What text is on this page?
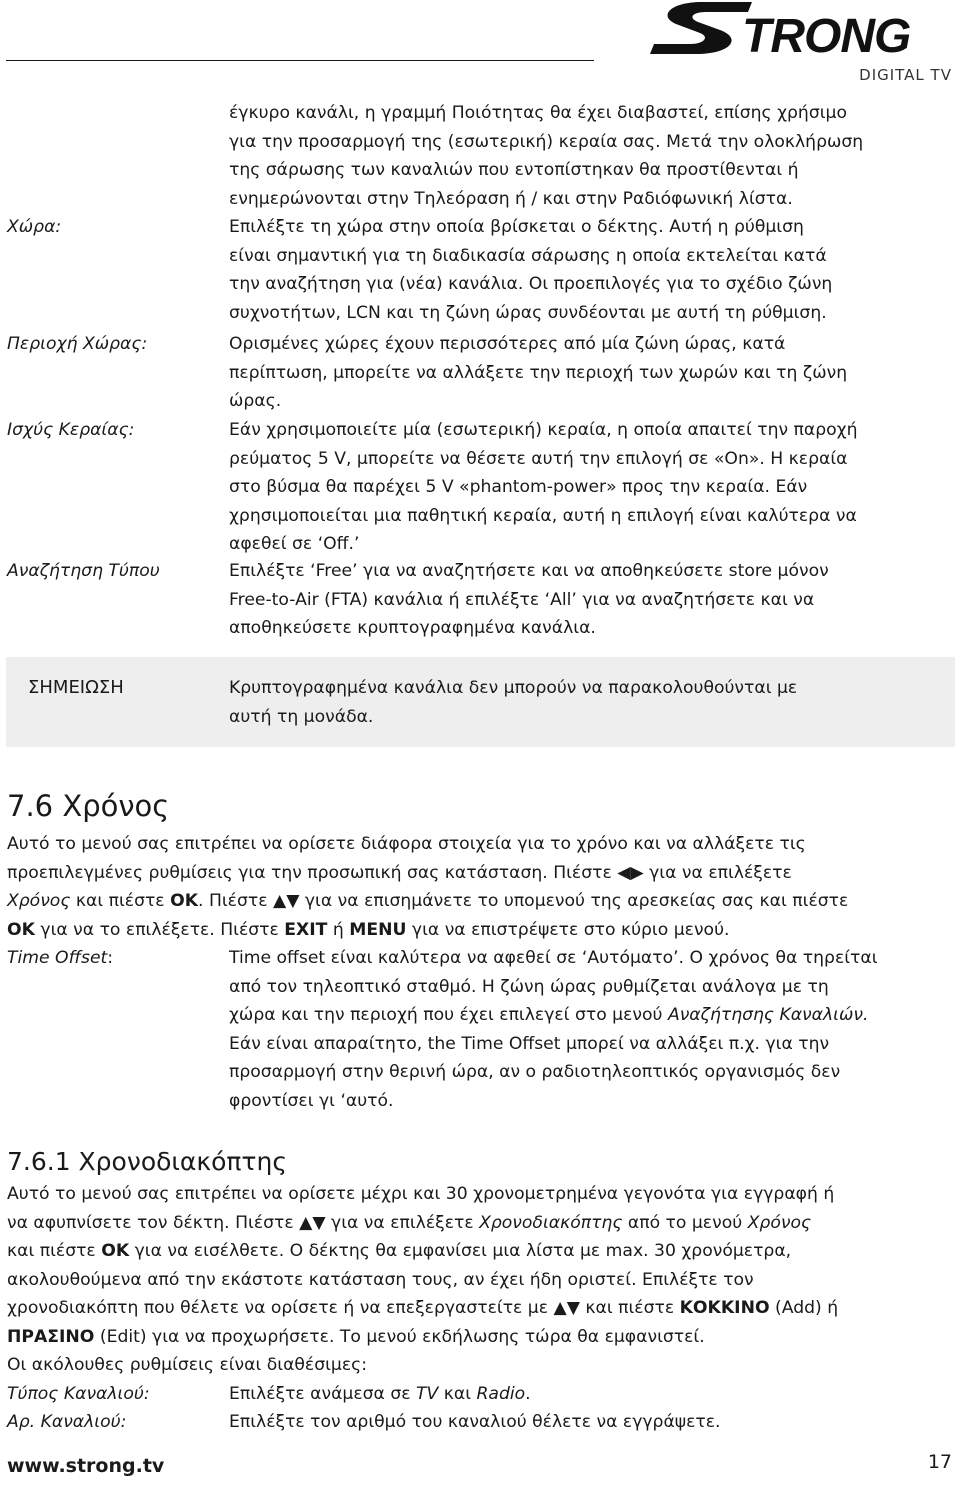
TRONG
DIGITAL TV
έγκυρο κανάλι, η γραμμή Ποιότητας θα έχει διαβαστεί, επίσης χρήσιμο
για την προσαρμογή της (εσωτερική) κεραία σας. Μετά την ολοκλήρωση
της σάρωσης των καναλιών που εντοπίστηκαν θα προστίθενται ή
ενημερώνονται στην Τηλεόραση ή / και στην Ραδιόφωνική λίστα.
Χώρα:	Επιλέξτε τη χώρα στην οποία βρίσκεται ο δέκτης. Αυτή η ρύθμιση
είναι σημαντική για τη διαδικασία σάρωσης η οποία εκτελείται κατά
την αναζήτηση για (νέα) κανάλια. Οι προεπιλογές για το σχέδιο ζώνη
συχνοτήτων, LCN και τη ζώνη ώρας συνδέονται με αυτή τη ρύθμιση.
Περιοχή Χώρας:	Ορισμένες χώρες έχουν περισσότερες από μία ζώνη ώρας, κατά
περίπτωση, μπορείτε να αλλάξετε την περιοχή των χωρών και τη ζώνη
ώρας.
Ισχύς Κεραίας:	Εάν χρησιμοποιείτε μία (εσωτερική) κεραία, η οποία απαιτεί την παροχή
ρεύματος 5 V, μπορείτε να θέσετε αυτή την επιλογή σε «On». Η κεραία
στο βύσμα θα παρέχει 5 V «phantom-power» προς την κεραία. Εάν
χρησιμοποιείται μια παθητική κεραία, αυτή η επιλογή είναι καλύτερα να
αφεθεί σε ‘Off.’
Αναζήτηση Τύπου	Επιλέξτε ‘Free’ για να αναζητήσετε και να αποθηκεύσετε store μόνον
Free-to-Air (FTA) κανάλια ή επιλέξτε ‘All’ για να αναζητήσετε και να
αποθηκεύσετε κρυπτογραφημένα κανάλια.
ΣΗΜΕΙΩΣΗ	Κρυπτογραφημένα κανάλια δεν μπορούν να παρακολουθούνται με
αυτή τη μονάδα.
7.6 Χρόνος
Αυτό το μενού σας επιτρέπει να ορίσετε διάφορα στοιχεία για το χρόνο και να αλλάξετε τις
προεπιλεγμένες ρυθμίσεις για την προσωπική σας κατάσταση. Πιέστε ◀▶ για να επιλέξετε
Χρόνος και πιέστε OK. Πιέστε ▲▼ για να επισημάνετε το υπομενού της αρεσκείας σας και πιέστε
OK για να το επιλέξετε. Πιέστε EXIT ή MENU για να επιστρέψετε στο κύριο μενού.
Time Offset:	Time offset είναι καλύτερα να αφεθεί σε ‘Αυτόματο’. Ο χρόνος θα τηρείται
από τον τηλεοπτικό σταθμό. Η ζώνη ώρας ρυθμίζεται ανάλογα με τη
χώρα και την περιοχή που έχει επιλεγεί στο μενού Αναζήτησης Καναλιών.
Εάν είναι απαραίτητο, the Time Offset μπορεί να αλλάξει π.χ. για την
προσαρμογή στην θερινή ώρα, αν ο ραδιοτηλεοπτικός οργανισμός δεν
φροντίσει γι ‘αυτό.
7.6.1 Χρονοδιακόπτης
Αυτό το μενού σας επιτρέπει να ορίσετε μέχρι και 30 χρονομετρημένα γεγονότα για εγγραφή ή
να αφυπνίσετε τον δέκτη. Πιέστε ▲▼ για να επιλέξετε Χρονοδιακόπτης από το μενού Χρόνος
και πιέστε OK για να εισέλθετε. Ο δέκτης θα εμφανίσει μια λίστα με max. 30 χρονόμετρα,
ακολουθούμενα από την εκάστοτε κατάσταση τους, αν έχει ήδη οριστεί. Επιλέξτε τον
χρονοδιακόπτη που θέλετε να ορίσετε ή να επεξεργαστείτε με ▲▼ και πιέστε ΚΟΚΚΙΝΟ (Add) ή
ΠΡΑΣΙΝΟ (Edit) για να προχωρήσετε. Το μενού εκδήλωσης τώρα θα εμφανιστεί.
Οι ακόλουθες ρυθμίσεις είναι διαθέσιμες:
Τύπος Καναλιού:	Επιλέξτε ανάμεσα σε TV και Radio.
Αρ. Καναλιού:	Επιλέξτε τον αριθμό του καναλιού θέλετε να εγγράψετε.
www.strong.tv	17
